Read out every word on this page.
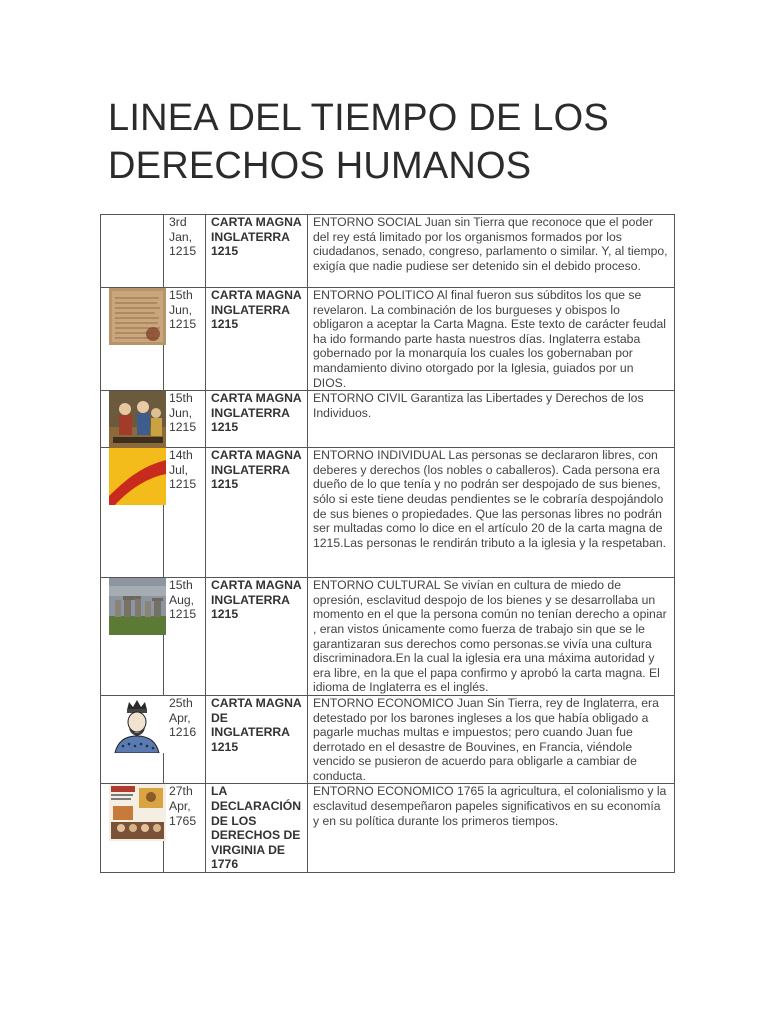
LINEA DEL TIEMPO DE LOS DERECHOS HUMANOS
	3rd Jan, 1215	CARTA MAGNA INGLATERRA 1215	ENTORNO SOCIAL Juan sin Tierra que reconoce que el poder del rey está limitado por los organismos formados por los ciudadanos, senado, congreso, parlamento o similar. Y, al tiempo, exigía que nadie pudiese ser detenido sin el debido proceso.

	15th Jun, 1215	CARTA MAGNA INGLATERRA 1215	ENTORNO POLITICO Al final fueron sus súbditos los que se revelaron. La combinación de los burgueses y obispos lo obligaron a aceptar la Carta Magna. Este texto de carácter feudal ha ido formando parte hasta nuestros días. Inglaterra estaba gobernado por la monarquía los cuales los gobernaban por mandamiento divino otorgado por la Iglesia, guiados por un DIOS.

	15th Jun, 1215	CARTA MAGNA INGLATERRA 1215	ENTORNO CIVIL Garantiza las Libertades y Derechos de los Individuos.

	14th Jul, 1215	CARTA MAGNA INGLATERRA 1215	ENTORNO INDIVIDUAL Las personas se declararon libres, con deberes y derechos (los nobles o caballeros). Cada persona era dueño de lo que tenía y no podrán ser despojado de sus bienes, sólo si este tiene deudas pendientes se le cobraría despojándolo de sus bienes o propiedades. Que las personas libres no podrán ser multadas como lo dice en el artículo 20 de la carta magna de 1215.Las personas le rendirán tributo a la iglesia y la respetaban.

	15th Aug, 1215	CARTA MAGNA INGLATERRA 1215	ENTORNO CULTURAL Se vivían en cultura de miedo de opresión, esclavitud despojo de los bienes y se desarrollaba un momento en el que la persona común no tenían derecho a opinar , eran vistos únicamente como fuerza de trabajo sin que se le garantizaran sus derechos como personas.se vivía una cultura discriminadora.En la cual la iglesia era una máxima autoridad y era libre, en la que el papa confirmo y aprobó la carta magna. El idioma de Inglaterra es el inglés.

	25th Apr, 1216	CARTA MAGNA DE INGLATERRA 1215	ENTORNO ECONOMICO Juan Sin Tierra, rey de Inglaterra, era detestado por los barones ingleses a los que había obligado a pagarle muchas multas e impuestos; pero cuando Juan fue derrotado en el desastre de Bouvines, en Francia, viéndole vencido se pusieron de acuerdo para obligarle a cambiar de conducta.

	27th Apr, 1765	LA DECLARACIÓN DE LOS DERECHOS DE VIRGINIA DE 1776	ENTORNO ECONOMICO 1765 la agricultura, el colonialismo y la esclavitud desempeñaron papeles significativos en su economía y en su política durante los primeros tiempos.
